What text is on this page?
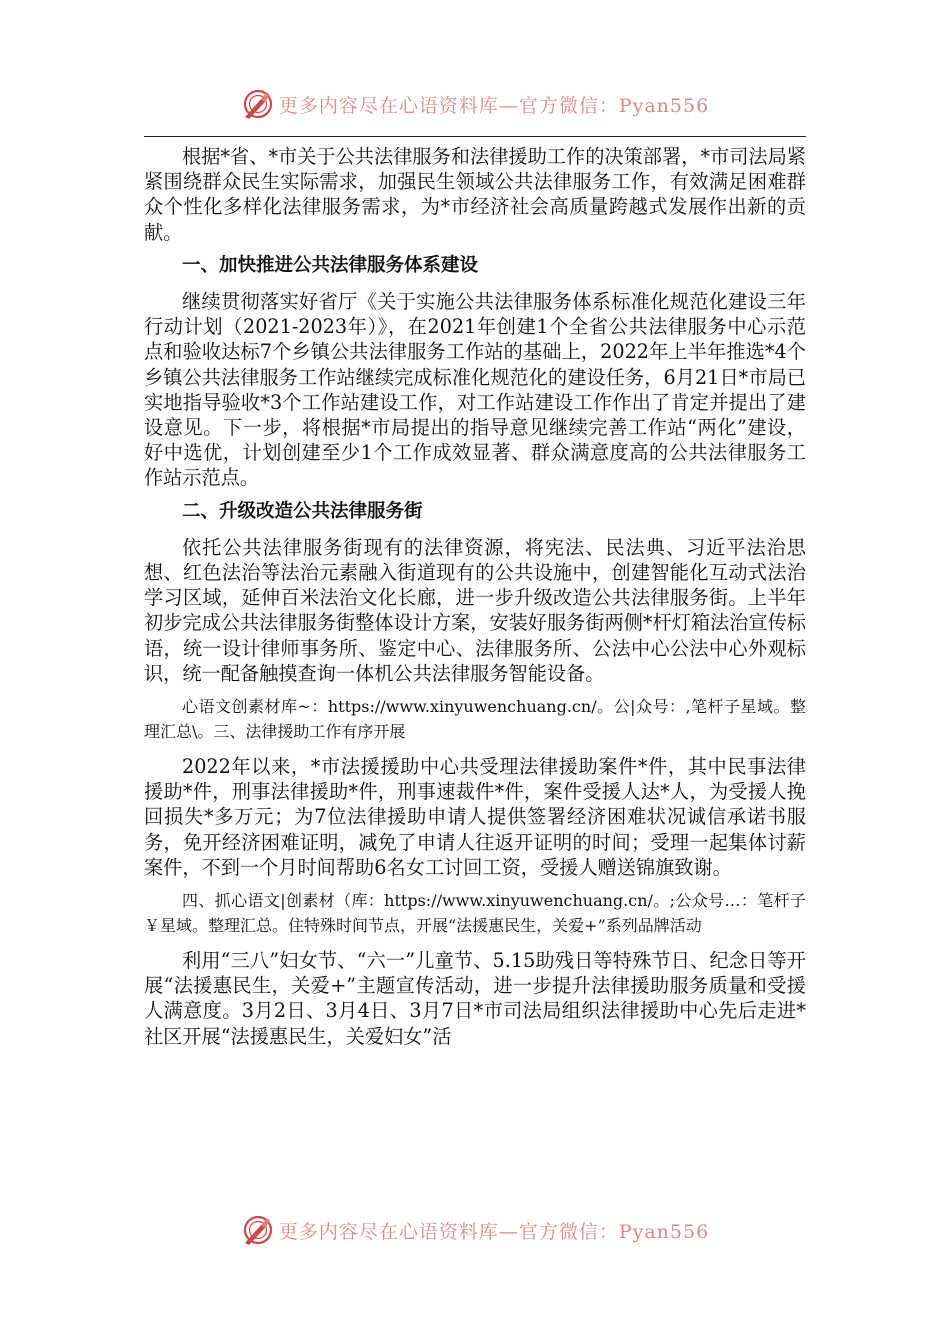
更多内容尽在心语资料库—官方微信：Pyan556

根据*省、*市关于公共法律服务和法律援助工作的决策部署，*市司法局紧紧围绕群众民生实际需求，加强民生领域公共法律服务工作，有效满足困难群众个性化多样化法律服务需求，为*市经济社会高质量跨越式发展作出新的贡献。

一、加快推进公共法律服务体系建设

继续贯彻落实好省厅《关于实施公共法律服务体系标准化规范化建设三年行动计划（2021-2023年）》，在2021年创建1个全省公共法律服务中心示范点和验收达标7个乡镇公共法律服务工作站的基础上，2022年上半年推选*4个乡镇公共法律服务工作站继续完成标准化规范化的建设任务，6月21日*市局已实地指导验收*3个工作站建设工作，对工作站建设工作作出了肯定并提出了建设意见。下一步，将根据*市局提出的指导意见继续完善工作站“两化”建设，好中选优，计划创建至少1个工作成效显著、群众满意度高的公共法律服务工作站示范点。

二、升级改造公共法律服务街

依托公共法律服务街现有的法律资源，将宪法、民法典、习近平法治思想、红色法治等法治元素融入街道现有的公共设施中，创建智能化互动式法治学习区域，延伸百米法治文化长廊，进一步升级改造公共法律服务街。上半年初步完成公共法律服务街整体设计方案，安装好服务街两侧*杆灯箱法治宣传标语，统一设计律师事务所、鉴定中心、法律服务所、公法中心公法中心外观标识，统一配备触摸查询一体机公共法律服务智能设备。

心语文创素材库~：https://www.xinyuwenchuang.cn/。公|众号：,笔杆子星域。整理汇总\。三、法律援助工作有序开展

2022年以来，*市法援援助中心共受理法律援助案件*件，其中民事法律援助*件，刑事法律援助*件，刑事速裁件*件，案件受援人达*人，为受援人挽回损失*多万元；为7位法律援助申请人提供签署经济困难状况诚信承诺书服务，免开经济困难证明，减免了申请人往返开证明的时间；受理一起集体讨薪案件，不到一个月时间帮助6名女工讨回工资，受援人赠送锦旗致谢。

四、抓心语文|创素材（库：https://www.xinyuwenchuang.cn/。;公众号…：笔杆子￥星域。整理汇总。住特殊时间节点，开展“法援惠民生，关爱+”系列品牌活动

利用“三八”妇女节、“六一”儿童节、5.15助残日等特殊节日、纪念日等开展“法援惠民生，关爱+”主题宣传活动，进一步提升法律援助服务质量和受援人满意度。3月2日、3月4日、3月7日*市司法局组织法律援助中心先后走进*社区开展“法援惠民生，关爱妇女”活

更多内容尽在心语资料库—官方微信：Pyan556
